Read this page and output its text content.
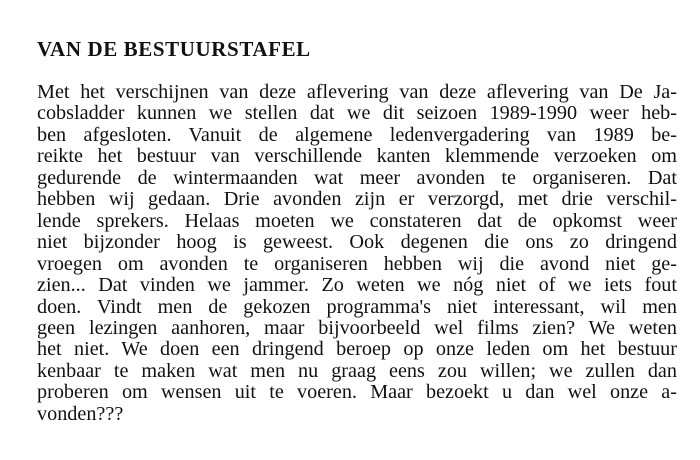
VAN DE BESTUURSTAFEL

Met het verschijnen van deze aflevering van deze aflevering van De Ja-
cobsladder kunnen we stellen dat we dit seizoen 1989-1990 weer heb-
ben afgesloten. Vanuit de algemene ledenvergadering van 1989 be-
reikte het bestuur van verschillende kanten klemmende verzoeken om
gedurende de wintermaanden wat meer avonden te organiseren. Dat
hebben wij gedaan. Drie avonden zijn er verzorgd, met drie verschil-
lende sprekers. Helaas moeten we constateren dat de opkomst weer
niet bijzonder hoog is geweest. Ook degenen die ons zo dringend
vroegen om avonden te organiseren hebben wij die avond niet ge-
zien... Dat vinden we jammer. Zo weten we nóg niet of we iets fout
doen. Vindt men de gekozen programma's niet interessant, wil men
geen lezingen aanhoren, maar bijvoorbeeld wel films zien? We weten
het niet. We doen een dringend beroep op onze leden om het bestuur
kenbaar te maken wat men nu graag eens zou willen; we zullen dan
proberen om wensen uit te voeren. Maar bezoekt u dan wel onze a-
vonden???
